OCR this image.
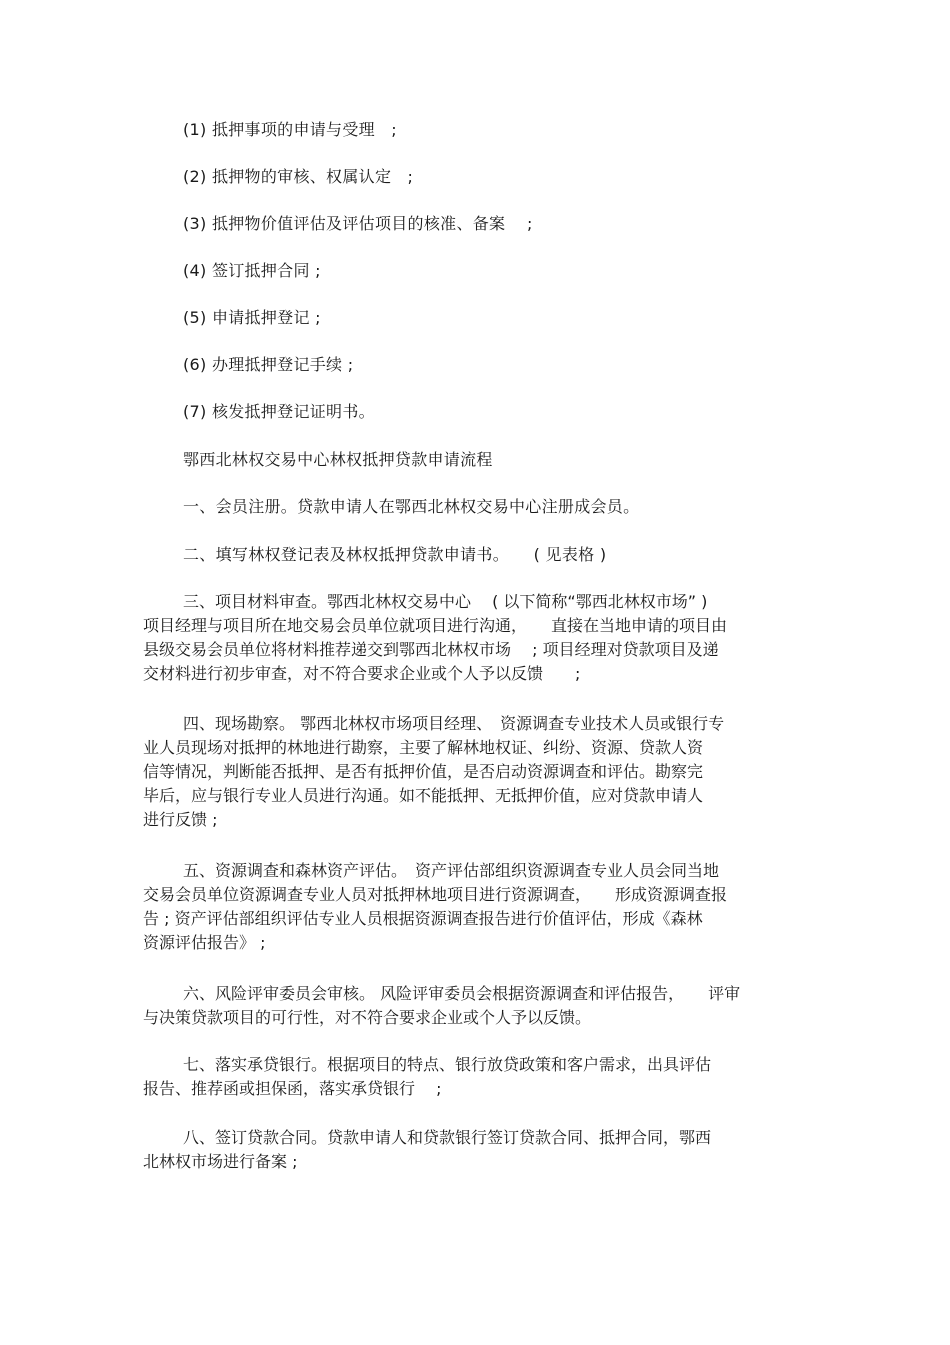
(1) 抵押事项的申请与受理　;
(2) 抵押物的审核、权属认定　;
(3) 抵押物价值评估及评估项目的核准、备案　 ;
(4) 签订抵押合同 ;
(5) 申请抵押登记 ;
(6) 办理抵押登记手续 ;
(7) 核发抵押登记证明书。
鄂西北林权交易中心林权抵押贷款申请流程
一、会员注册。贷款申请人在鄂西北林权交易中心注册成会员。
二、填写林权登记表及林权抵押贷款申请书。　　( 见表格 )
三、项目材料审查。鄂西北林权交易中心　 ( 以下简称“鄂西北林权市场” )
项目经理与项目所在地交易会员单位就项目进行沟通，　　直接在当地申请的项目由
县级交易会员单位将材料推荐递交到鄂西北林权市场　 ; 项目经理对贷款项目及递
交材料进行初步审查，对不符合要求企业或个人予以反馈　　;
四、现场勘察。 鄂西北林权市场项目经理、　资源调查专业技术人员或银行专
业人员现场对抵押的林地进行勘察，主要了解林地权证、纠纷、资源、贷款人资
信等情况，判断能否抵押、是否有抵押价值，是否启动资源调查和评估。勘察完
毕后，应与银行专业人员进行沟通。如不能抵押、无抵押价值，应对贷款申请人
进行反馈 ;
五、资源调查和森林资产评估。　资产评估部组织资源调查专业人员会同当地
交易会员单位资源调查专业人员对抵押林地项目进行资源调查，　　形成资源调查报
告 ; 资产评估部组织评估专业人员根据资源调查报告进行价值评估，形成《森林
资源评估报告》 ;
六、风险评审委员会审核。 风险评审委员会根据资源调查和评估报告，　　评审
与决策贷款项目的可行性，对不符合要求企业或个人予以反馈。
七、落实承贷银行。根据项目的特点、银行放贷政策和客户需求，出具评估
报告、推荐函或担保函，落实承贷银行　 ;
八、签订贷款合同。贷款申请人和贷款银行签订贷款合同、抵押合同，鄂西
北林权市场进行备案 ;
